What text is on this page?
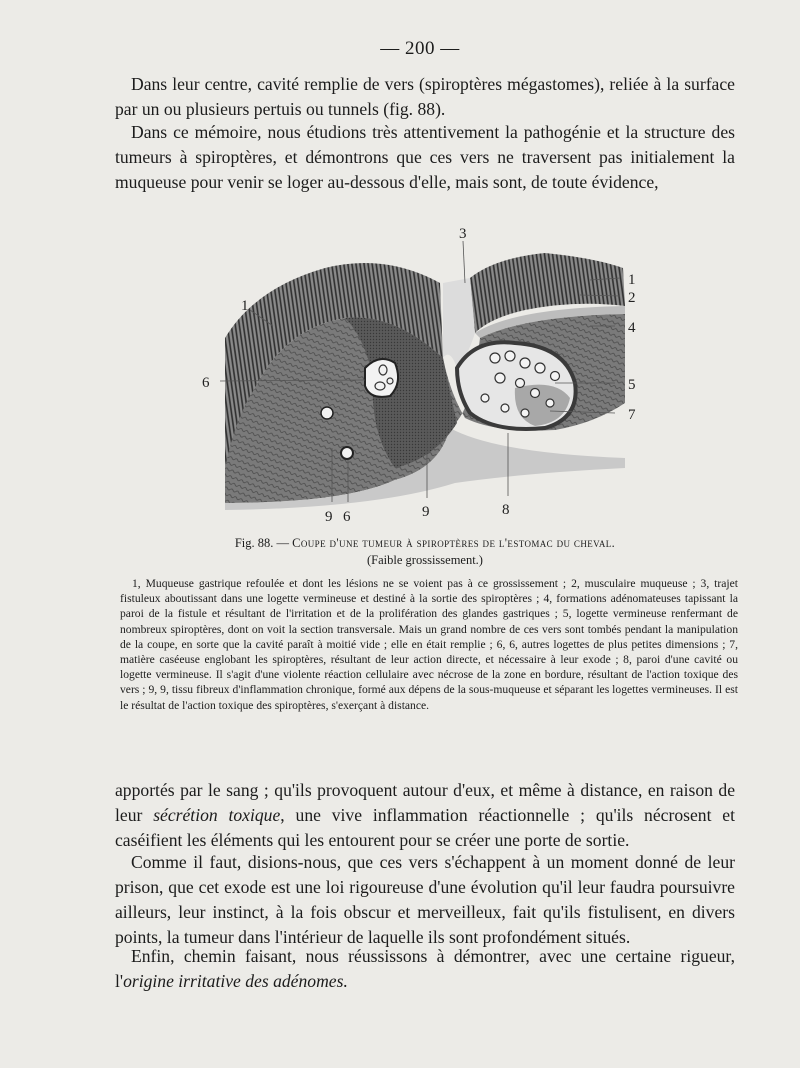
— 200 —

Dans leur centre, cavité remplie de vers (spiroptères mégastomes), reliée à la surface par un ou plusieurs pertuis ou tunnels (fig. 88).

Dans ce mémoire, nous étudions très attentivement la pathogénie et la structure des tumeurs à spiroptères, et démontrons que ces vers ne traversent pas initialement la muqueuse pour venir se loger au-dessous d'elle, mais sont, de toute évidence,

1
3
1
2
4
6	5
7
9 6	9	8
Fig. 88. — Coupe d'une tumeur à spiroptères de l'estomac du cheval.
(Faible grossissement.)

1, Muqueuse gastrique refoulée et dont les lésions ne se voient pas à ce grossissement ; 2, musculaire muqueuse ; 3, trajet fistuleux aboutissant dans une logette vermineuse et destiné à la sortie des spiroptères ; 4, formations adénomateuses tapissant la paroi de la fistule et résultant de l'irritation et de la prolifération des glandes gastriques ; 5, logette vermineuse renfermant de nombreux spiroptères, dont on voit la section transversale. Mais un grand nombre de ces vers sont tombés pendant la manipulation de la coupe, en sorte que la cavité paraît à moitié vide ; elle en était remplie ; 6, 6, autres logettes de plus petites dimensions ; 7, matière caséeuse englobant les spiroptères, résultant de leur action directe, et nécessaire à leur exode ; 8, paroi d'une cavité ou logette vermineuse. Il s'agit d'une violente réaction cellulaire avec nécrose de la zone en bordure, résultant de l'action toxique des vers ; 9, 9, tissu fibreux d'inflammation chronique, formé aux dépens de la sous-muqueuse et séparant les logettes vermineuses. Il est le résultat de l'action toxique des spiroptères, s'exerçant à distance.

apportés par le sang ; qu'ils provoquent autour d'eux, et même à distance, en raison de leur sécrétion toxique, une vive inflammation réactionnelle ; qu'ils nécrosent et caséifient les éléments qui les entourent pour se créer une porte de sortie.

Comme il faut, disions-nous, que ces vers s'échappent à un moment donné de leur prison, que cet exode est une loi rigoureuse d'une évolution qu'il leur faudra poursuivre ailleurs, leur instinct, à la fois obscur et merveilleux, fait qu'ils fistulisent, en divers points, la tumeur dans l'intérieur de laquelle ils sont profondément situés.

Enfin, chemin faisant, nous réussissons à démontrer, avec une certaine rigueur, l'origine irritative des adénomes.
